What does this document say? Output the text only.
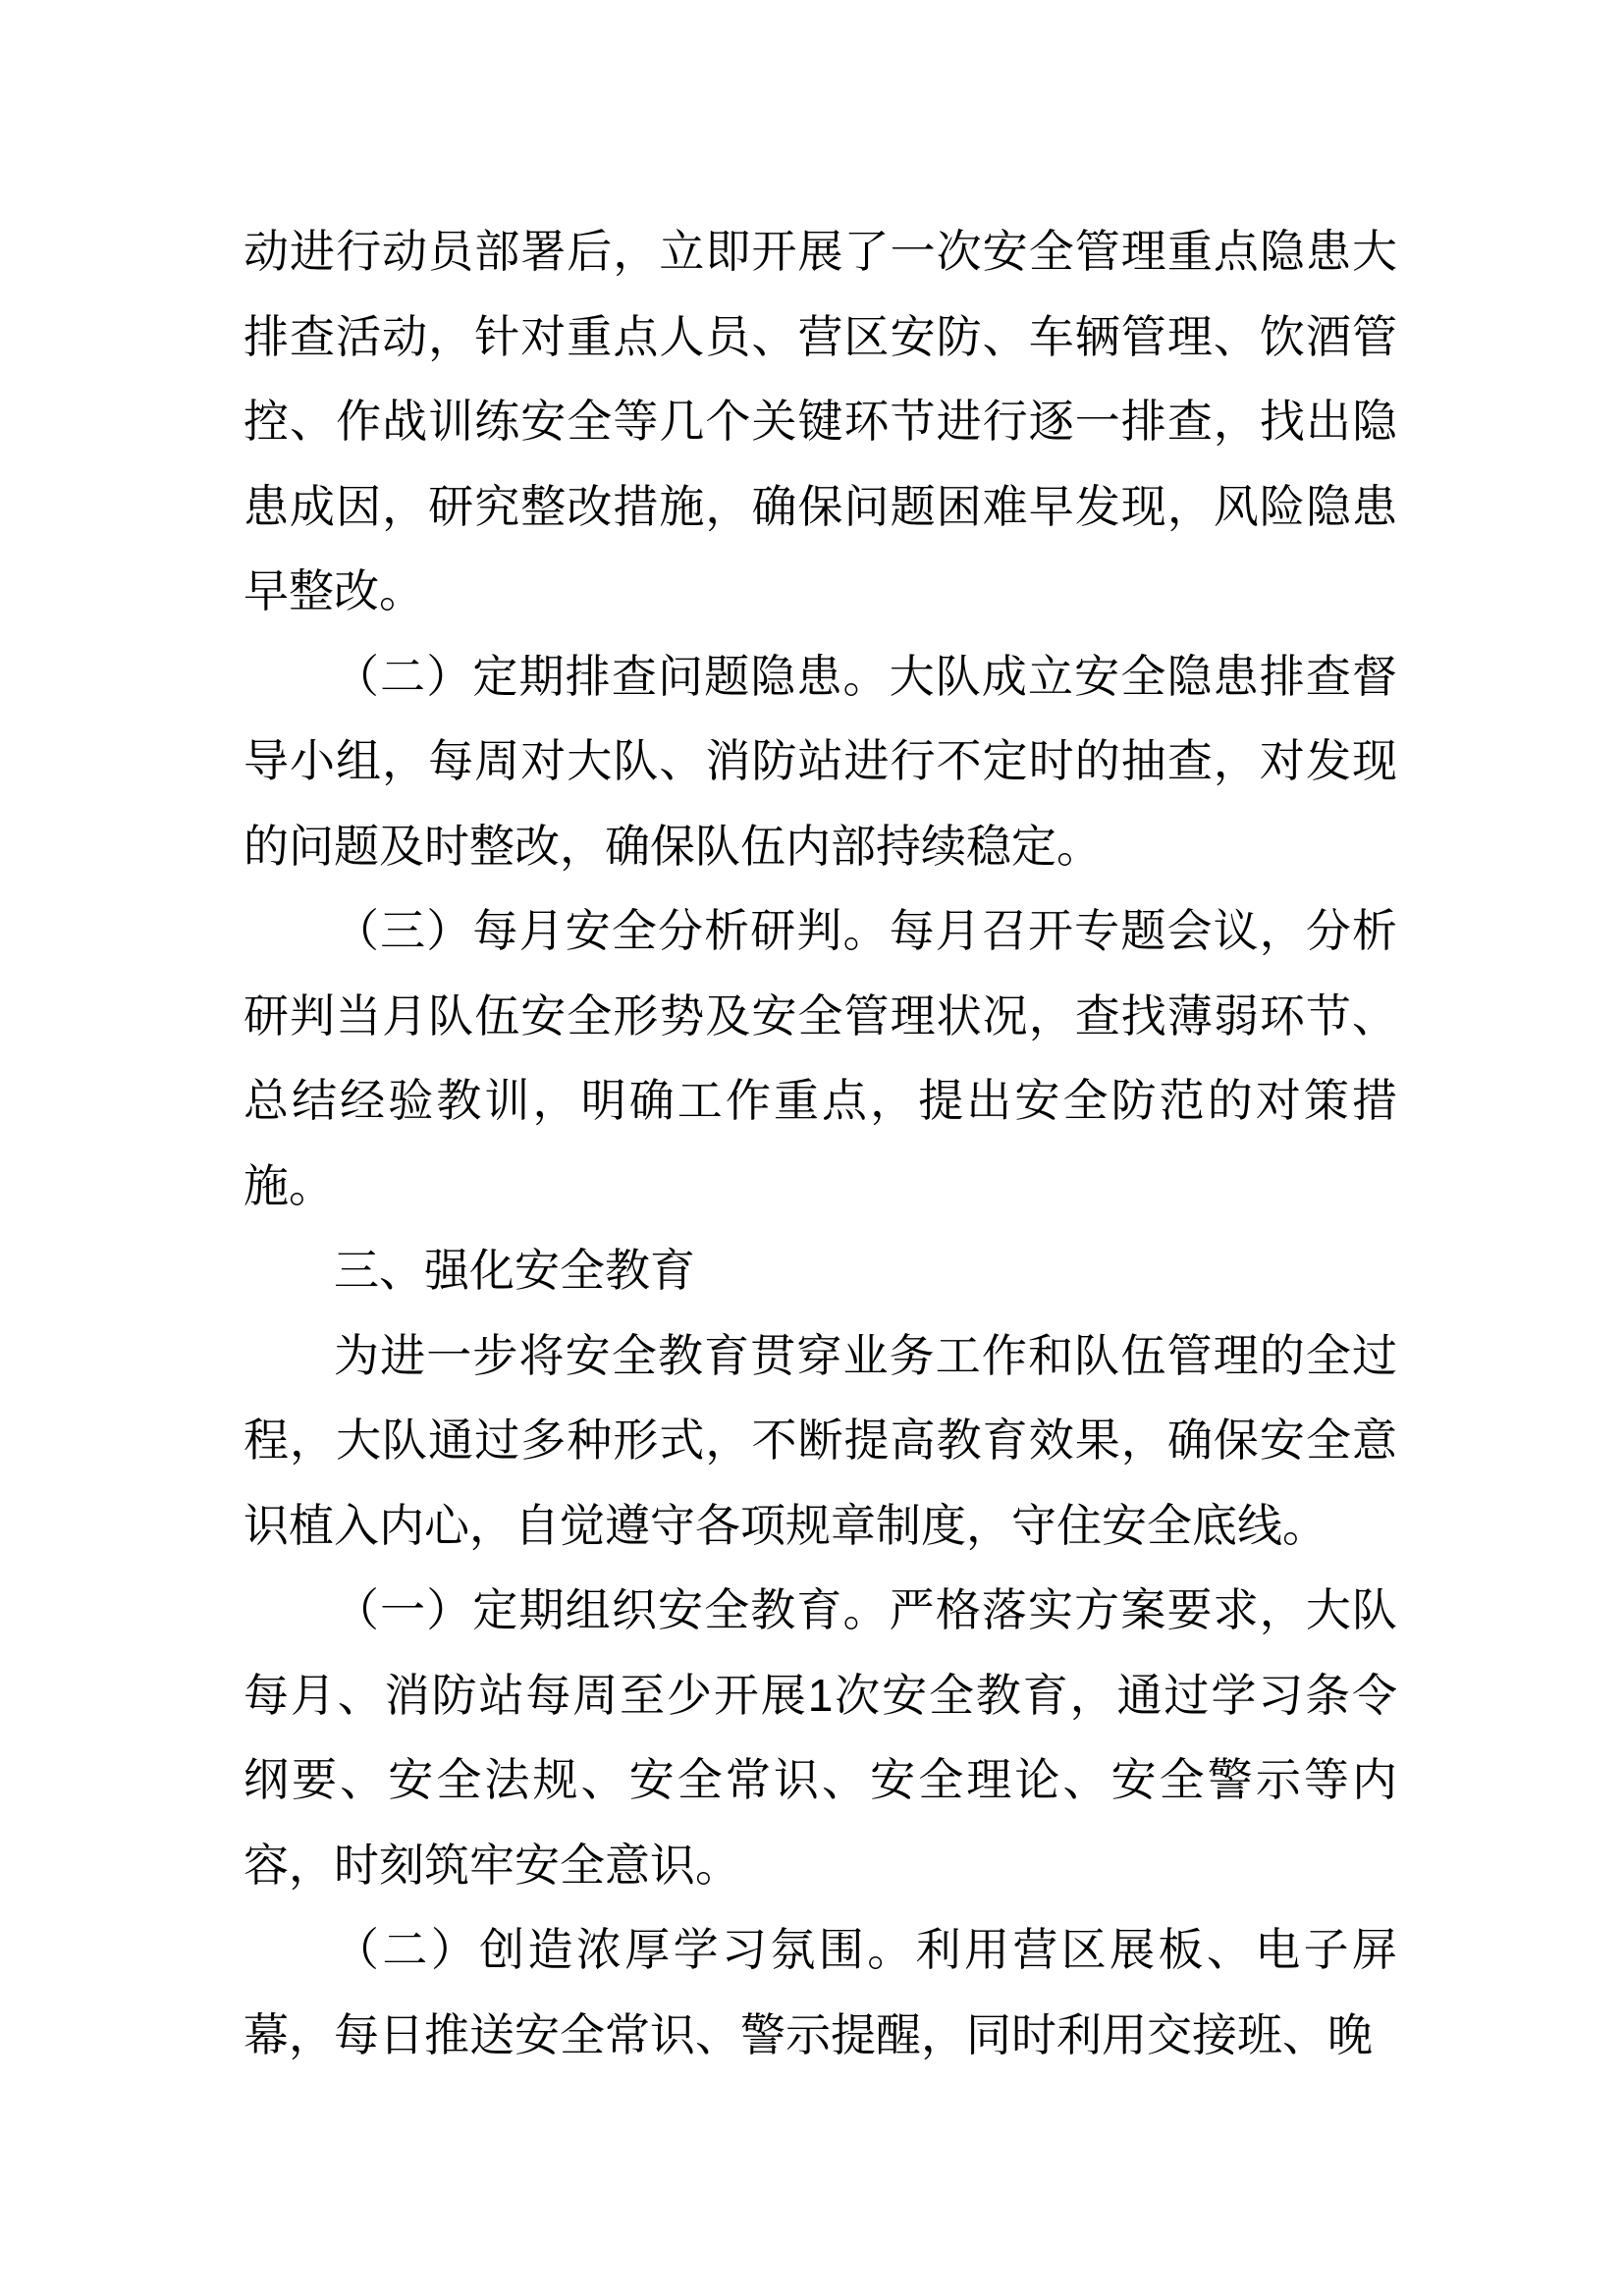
动进行动员部署后，立即开展了一次安全管理重点隐患大排查活动，针对重点人员、营区安防、车辆管理、饮酒管控、作战训练安全等几个关键环节进行逐一排查，找出隐患成因，研究整改措施，确保问题困难早发现，风险隐患早整改。

（二）定期排查问题隐患。大队成立安全隐患排查督导小组，每周对大队、消防站进行不定时的抽查，对发现的问题及时整改，确保队伍内部持续稳定。

（三）每月安全分析研判。每月召开专题会议，分析研判当月队伍安全形势及安全管理状况，查找薄弱环节、总结经验教训，明确工作重点，提出安全防范的对策措施。

三、强化安全教育

为进一步将安全教育贯穿业务工作和队伍管理的全过程，大队通过多种形式，不断提高教育效果，确保安全意识植入内心，自觉遵守各项规章制度，守住安全底线。

（一）定期组织安全教育。严格落实方案要求，大队每月、消防站每周至少开展1次安全教育，通过学习条令纲要、安全法规、安全常识、安全理论、安全警示等内容，时刻筑牢安全意识。

（二）创造浓厚学习氛围。利用营区展板、电子屏幕，每日推送安全常识、警示提醒，同时利用交接班、晚
